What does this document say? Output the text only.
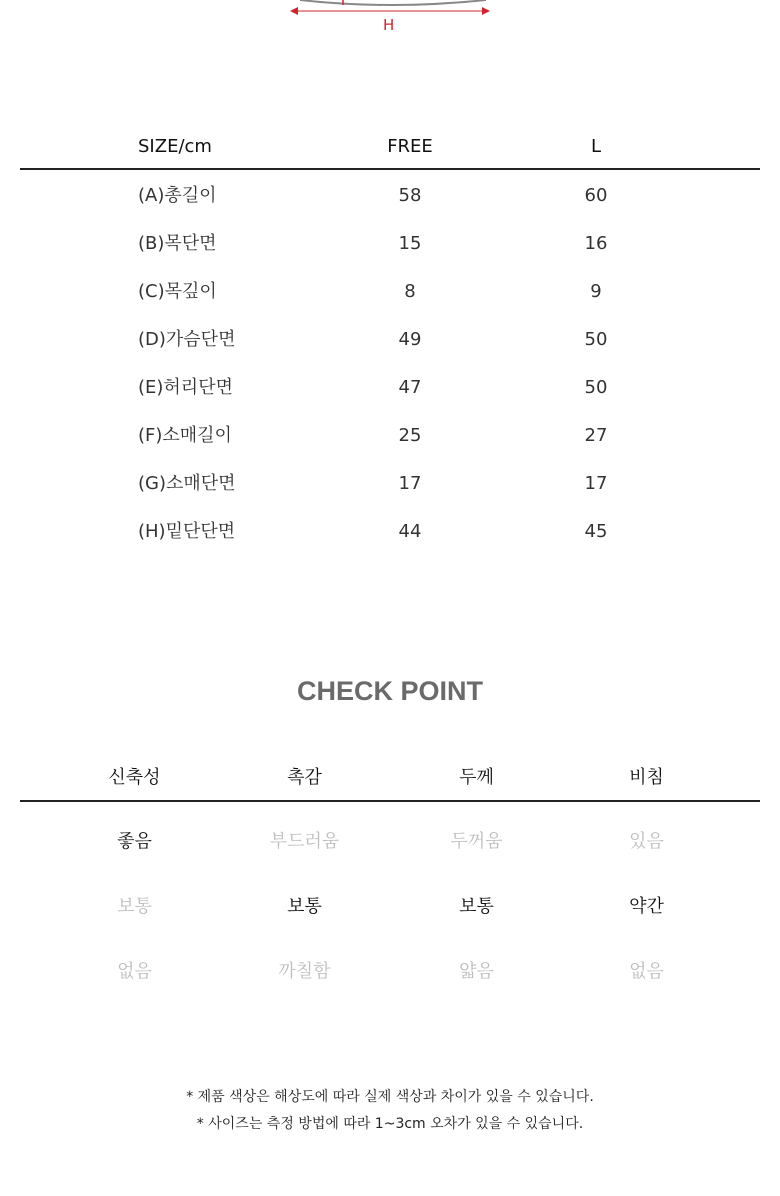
H
SIZE/cm	FREE	L
(A)총길이	58	60
(B)목단면	15	16
(C)목깊이	8	9
(D)가슴단면	49	50
(E)허리단면	47	50
(F)소매길이	25	27
(G)소매단면	17	17
(H)밑단단면	44	45
CHECK POINT
신축성	촉감	두께	비침
좋음	부드러움	두꺼움	있음
보통	보통	보통	약간
없음	까칠함	얇음	없음
* 제품 색상은 해상도에 따라 실제 색상과 차이가 있을 수 있습니다.
* 사이즈는 측정 방법에 따라 1~3cm 오차가 있을 수 있습니다.
